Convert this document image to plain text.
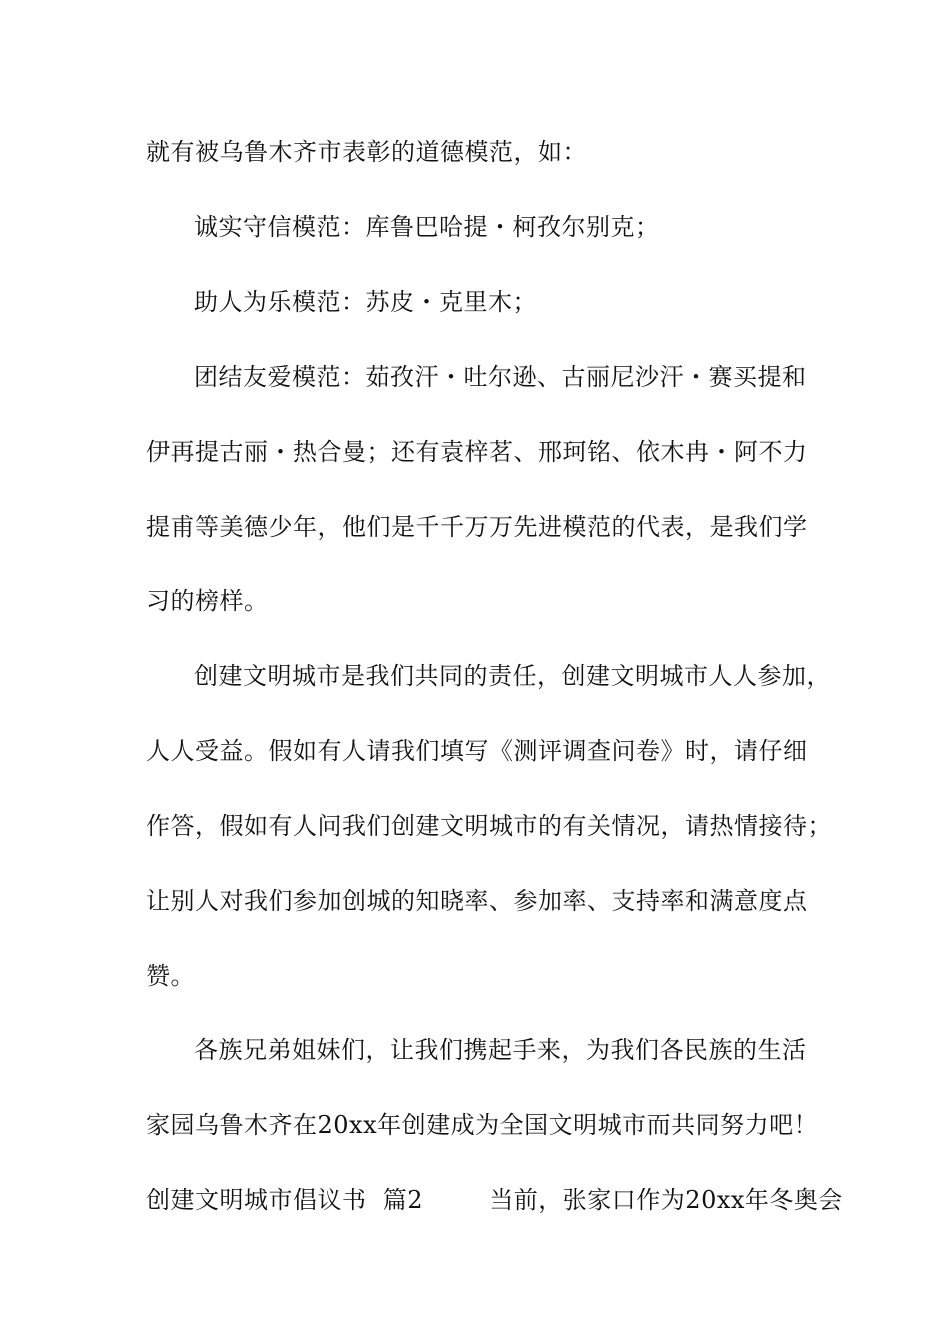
就有被乌鲁木齐市表彰的道德模范，如：
诚实守信模范：库鲁巴哈提・柯孜尔别克；
助人为乐模范：苏皮・克里木；
团结友爱模范：茹孜汗・吐尔逊、古丽尼沙汗・赛买提和
伊再提古丽・热合曼；还有袁梓茗、邢珂铭、依木冉・阿不力
提甫等美德少年，他们是千千万万先进模范的代表，是我们学
习的榜样。
创建文明城市是我们共同的责任，创建文明城市人人参加，
人人受益。假如有人请我们填写《测评调查问卷》时，请仔细
作答，假如有人问我们创建文明城市的有关情况，请热情接待；
让别人对我们参加创城的知晓率、参加率、支持率和满意度点
赞。
各族兄弟姐妹们，让我们携起手来，为我们各民族的生活
家园乌鲁木齐在20xx年创建成为全国文明城市而共同努力吧！
创建文明城市倡议书  篇2	当前，张家口作为20xx年冬奥会
